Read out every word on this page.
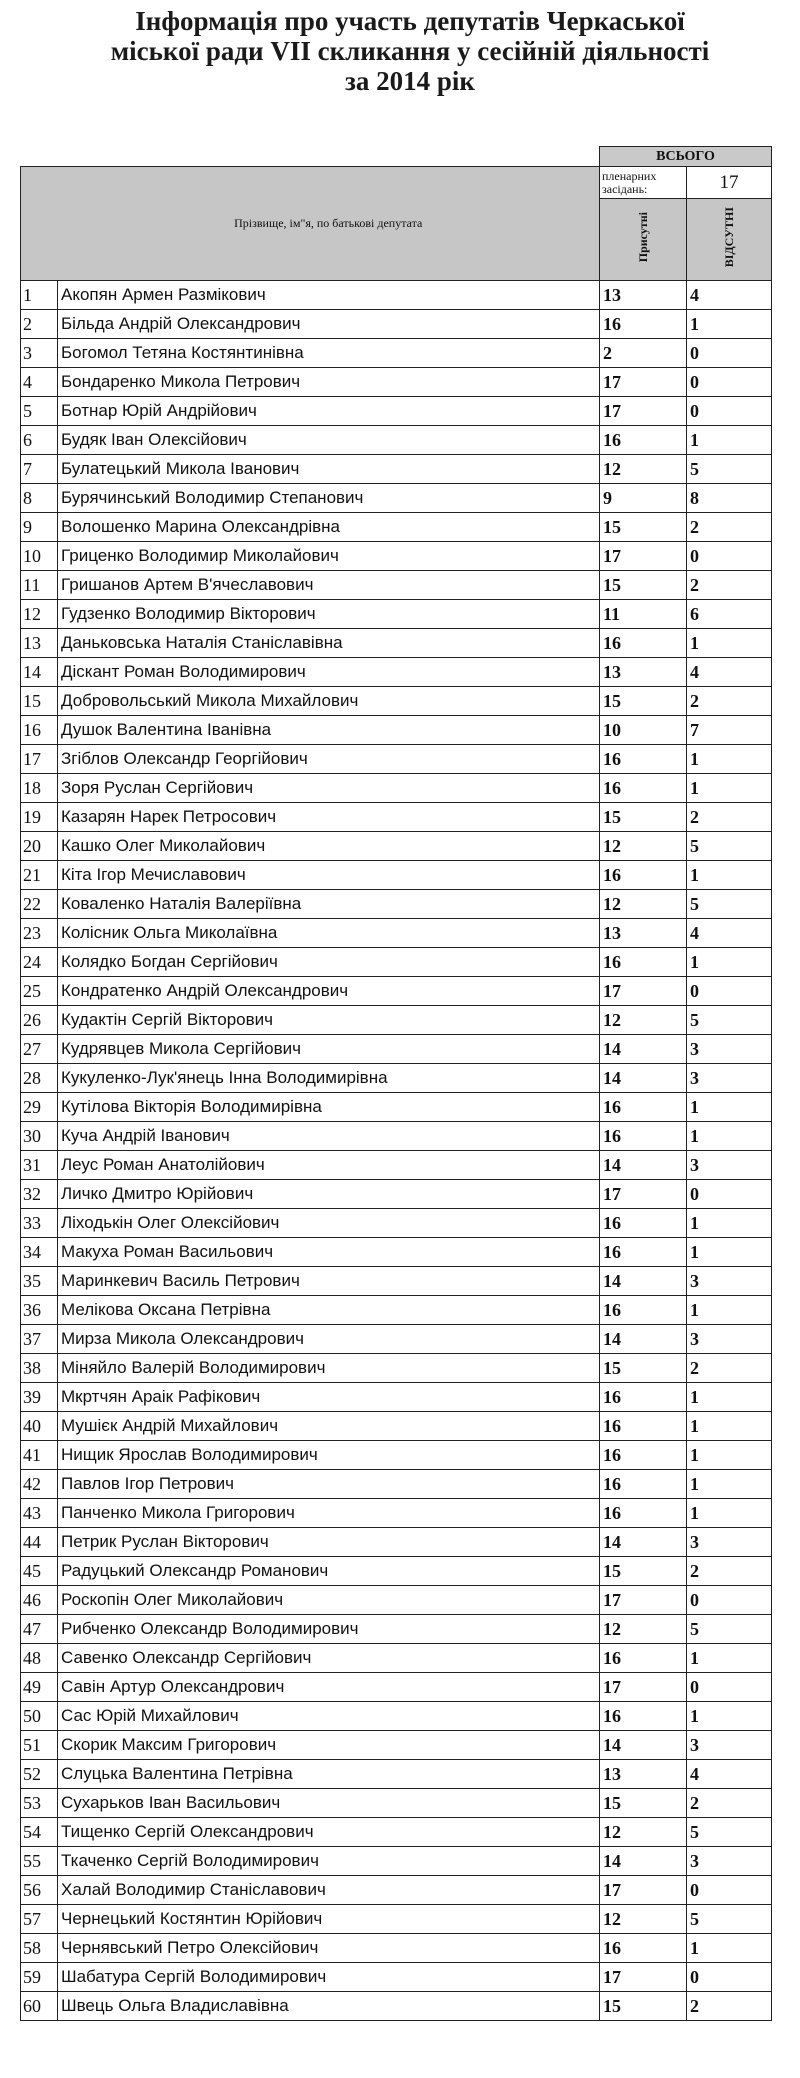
Інформація про участь депутатів Черкаської
міської ради VII скликання у сесійній діяльності
за 2014 рік
		ВСЬОГО	
	Прізвище, ім"я, по батькові депутата	пленарних
засідань:	17
		Присутні	ВІДСУТНІ
1	Акопян Армен Размікович	13	4
2	Більда Андрій Олександрович	16	1
3	Богомол Тетяна Костянтинівна	2	0
4	Бондаренко Микола Петрович	17	0
5	Ботнар Юрій Андрійович	17	0
6	Будяк Іван Олексійович	16	1
7	Булатецький Микола Іванович	12	5
8	Бурячинський Володимир Степанович	9	8
9	Волошенко Марина Олександрівна	15	2
10	Гриценко Володимир Миколайович	17	0
11	Гришанов Артем В'ячеславович	15	2
12	Гудзенко Володимир Вікторович	11	6
13	Даньковська Наталія Станіславівна	16	1
14	Діскант Роман Володимирович	13	4
15	Добровольський Микола Михайлович	15	2
16	Душок Валентина Іванівна	10	7
17	Згіблов Олександр Георгійович	16	1
18	Зоря Руслан Сергійович	16	1
19	Казарян Нарек Петросович	15	2
20	Кашко Олег Миколайович	12	5
21	Кіта Ігор Мечиславович	16	1
22	Коваленко Наталія Валеріївна	12	5
23	Колісник Ольга Миколаївна	13	4
24	Колядко Богдан Сергійович	16	1
25	Кондратенко Андрій Олександрович	17	0
26	Кудактін Сергій Вікторович	12	5
27	Кудрявцев Микола Сергійович	14	3
28	Кукуленко-Лук'янець Інна Володимирівна	14	3
29	Кутілова Вікторія Володимирівна	16	1
30	Куча Андрій Іванович	16	1
31	Леус Роман Анатолійович	14	3
32	Личко Дмитро Юрійович	17	0
33	Ліходькін Олег Олексійович	16	1
34	Макуха Роман Васильович	16	1
35	Маринкевич Василь Петрович	14	3
36	Мелікова Оксана Петрівна	16	1
37	Мирза Микола Олександрович	14	3
38	Міняйло Валерій Володимирович	15	2
39	Мкртчян Араік Рафікович	16	1
40	Мушієк Андрій Михайлович	16	1
41	Нищик Ярослав Володимирович	16	1
42	Павлов Ігор Петрович	16	1
43	Панченко Микола Григорович	16	1
44	Петрик Руслан Вікторович	14	3
45	Радуцький Олександр Романович	15	2
46	Роскопін Олег Миколайович	17	0
47	Рибченко Олександр Володимирович	12	5
48	Савенко Олександр Сергійович	16	1
49	Савін Артур Олександрович	17	0
50	Сас Юрій Михайлович	16	1
51	Скорик Максим Григорович	14	3
52	Слуцька Валентина Петрівна	13	4
53	Сухарьков Іван Васильович	15	2
54	Тищенко Сергій Олександрович	12	5
55	Ткаченко Сергій Володимирович	14	3
56	Халай Володимир Станіславович	17	0
57	Чернецький Костянтин Юрійович	12	5
58	Чернявський Петро Олексійович	16	1
59	Шабатура Сергій Володимирович	17	0
60	Швець Ольга Владиславівна	15	2
